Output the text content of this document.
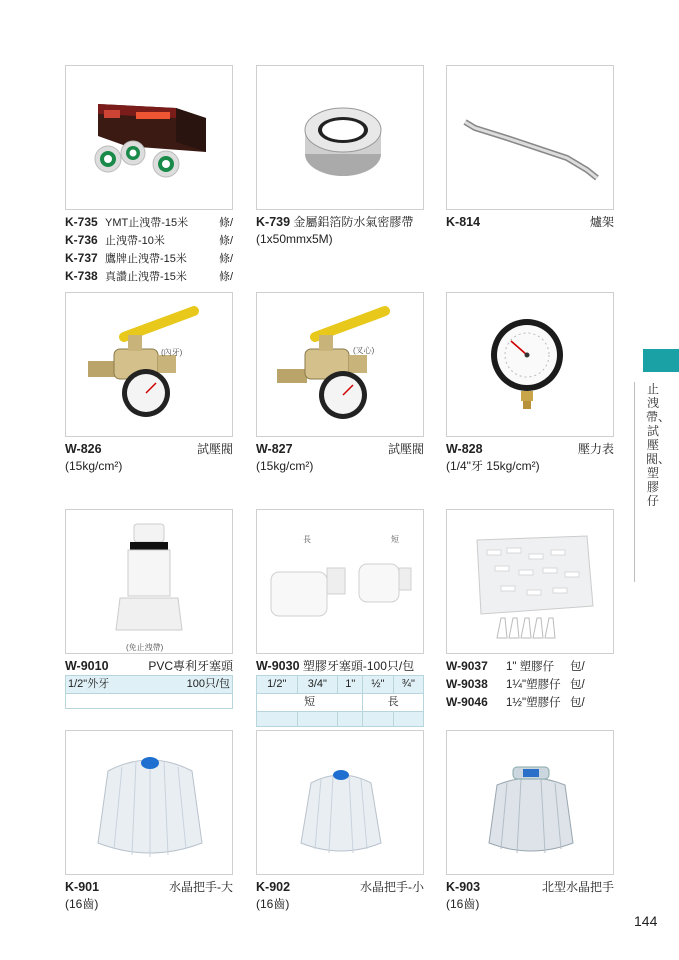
K-735 YMT止洩帶-15米	條/
K-736 止洩帶-10米	條/
K-737 鷹牌止洩帶-15米	條/
K-738 真讚止洩帶-15米	條/
K-739
金屬鋁箔防水氣密膠帶
(1x50mmx5M)
K-814	爐架
(內牙)
W-826	試壓閥
(15kg/cm²)
(叉心)
W-827	試壓閥
(15kg/cm²)
W-828	壓力表
(1/4"牙 15kg/cm²)
(免止洩帶)
W-9010	PVC專利牙塞頭
1/2"外牙	100只/包

長	短
W-9030
塑膠牙塞頭-100只/包
1/2"	3/4"	1"	½"	¾"
短			長	

W-9037	1" 塑膠仔	包/
W-9038	1¼"塑膠仔 包/
W-9046	1½"塑膠仔 包/
K-901	水晶把手-大
(16齒)
K-902	水晶把手-小
(16齒)
K-903	北型水晶把手
(16齒)
止洩帶、試壓閥、塑膠仔
144
